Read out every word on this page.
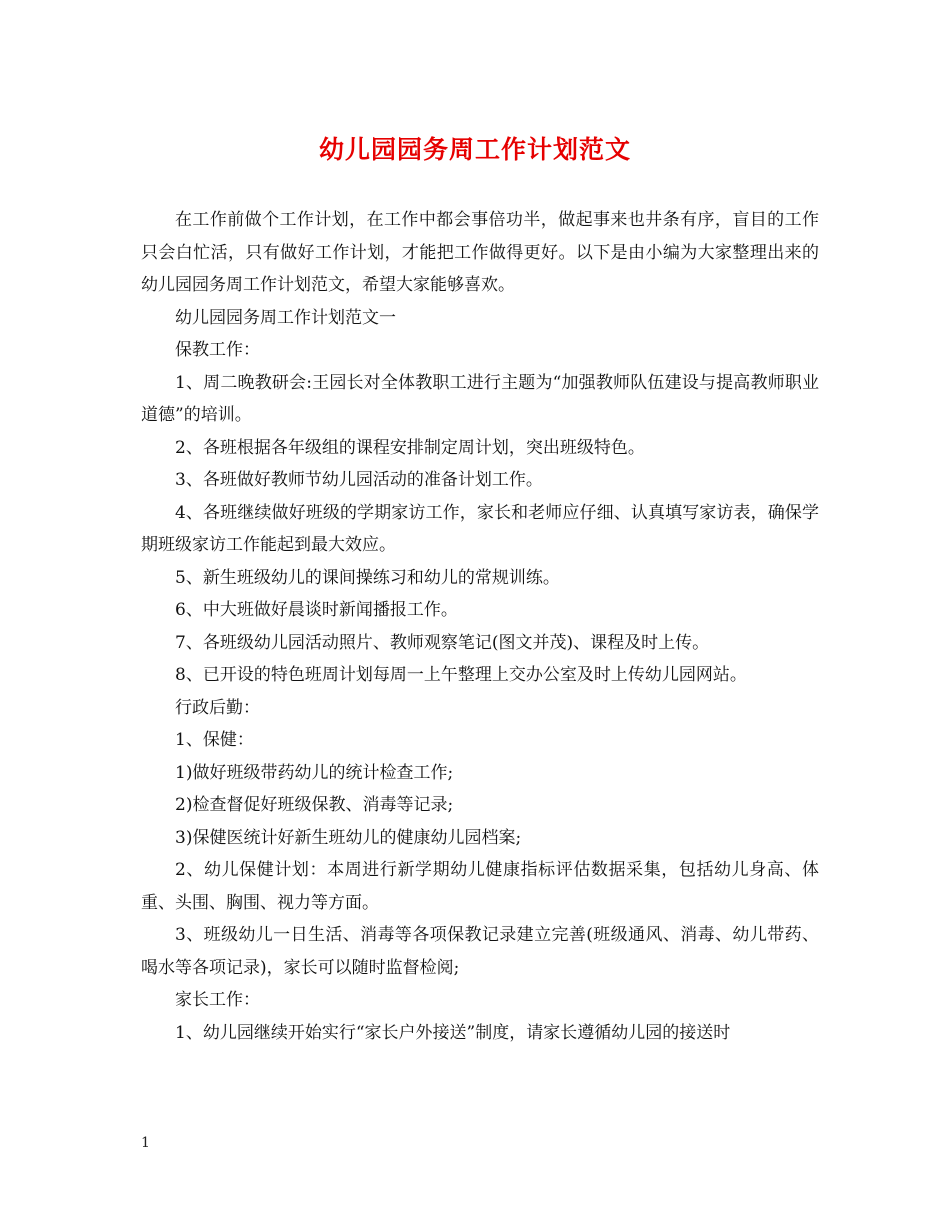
幼儿园园务周工作计划范文

在工作前做个工作计划，在工作中都会事倍功半，做起事来也井条有序，盲目的工作只会白忙活，只有做好工作计划，才能把工作做得更好。以下是由小编为大家整理出来的幼儿园园务周工作计划范文，希望大家能够喜欢。

幼儿园园务周工作计划范文一

保教工作：

1、周二晚教研会:王园长对全体教职工进行主题为“加强教师队伍建设与提高教师职业道德”的培训。

2、各班根据各年级组的课程安排制定周计划，突出班级特色。

3、各班做好教师节幼儿园活动的准备计划工作。

4、各班继续做好班级的学期家访工作，家长和老师应仔细、认真填写家访表，确保学期班级家访工作能起到最大效应。

5、新生班级幼儿的课间操练习和幼儿的常规训练。

6、中大班做好晨谈时新闻播报工作。

7、各班级幼儿园活动照片、教师观察笔记(图文并茂)、课程及时上传。

8、已开设的特色班周计划每周一上午整理上交办公室及时上传幼儿园网站。

行政后勤：

1、保健：

1)做好班级带药幼儿的统计检查工作;

2)检查督促好班级保教、消毒等记录;

3)保健医统计好新生班幼儿的健康幼儿园档案;

2、幼儿保健计划：本周进行新学期幼儿健康指标评估数据采集，包括幼儿身高、体重、头围、胸围、视力等方面。

3、班级幼儿一日生活、消毒等各项保教记录建立完善(班级通风、消毒、幼儿带药、喝水等各项记录)，家长可以随时监督检阅;

家长工作：

1、幼儿园继续开始实行“家长户外接送”制度，请家长遵循幼儿园的接送时

1
